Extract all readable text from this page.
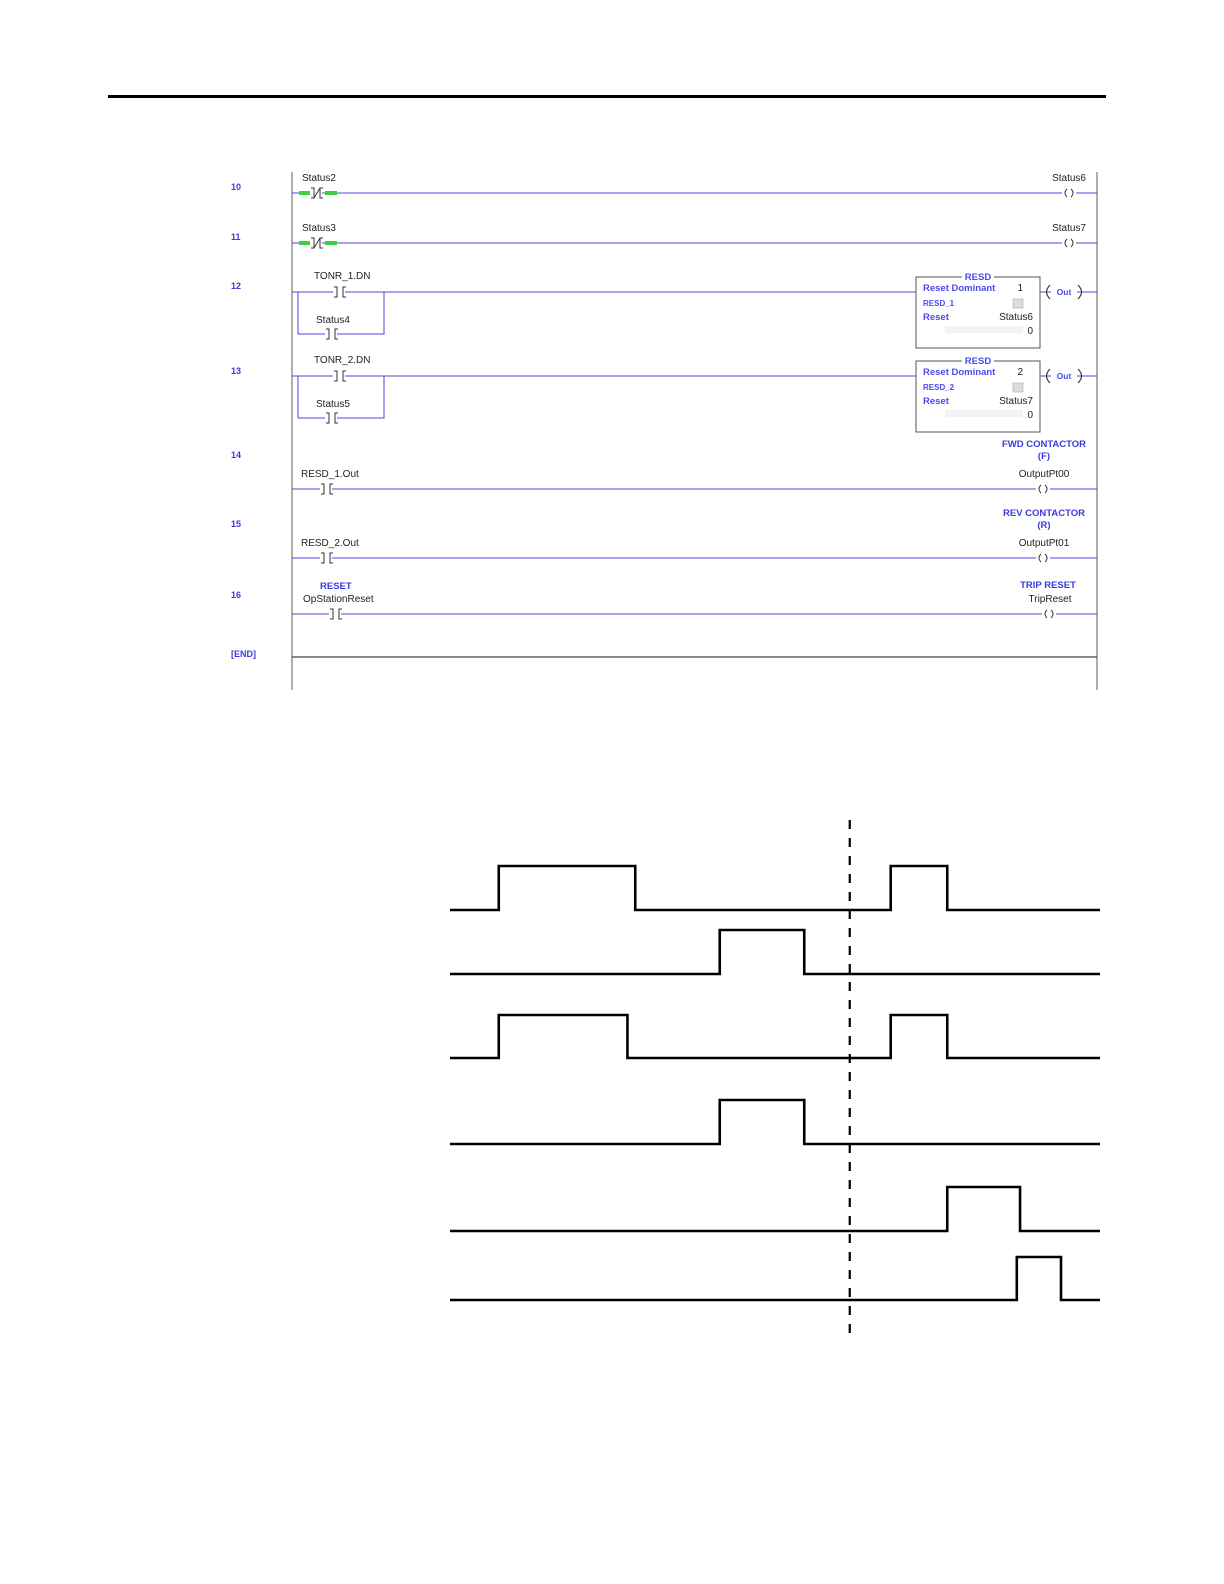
10
Status2	Status6
11
Status3	Status7
12
TONR_1.DN
Status4
RESD
Reset Dominant 1
RESD_1
Reset	Status6
0
Out
13
TONR_2.DN
Status5
RESD
Reset Dominant 2
RESD_2
Reset	Status7
0
Out
14
RESD_1.Out	OutputPt00
FWD CONTACTOR
(F)
15
RESD_2.Out	OutputPt01
REV CONTACTOR
(R)
16	OpStationReset
RESET
TripReset
TRIP RESET
[END]
